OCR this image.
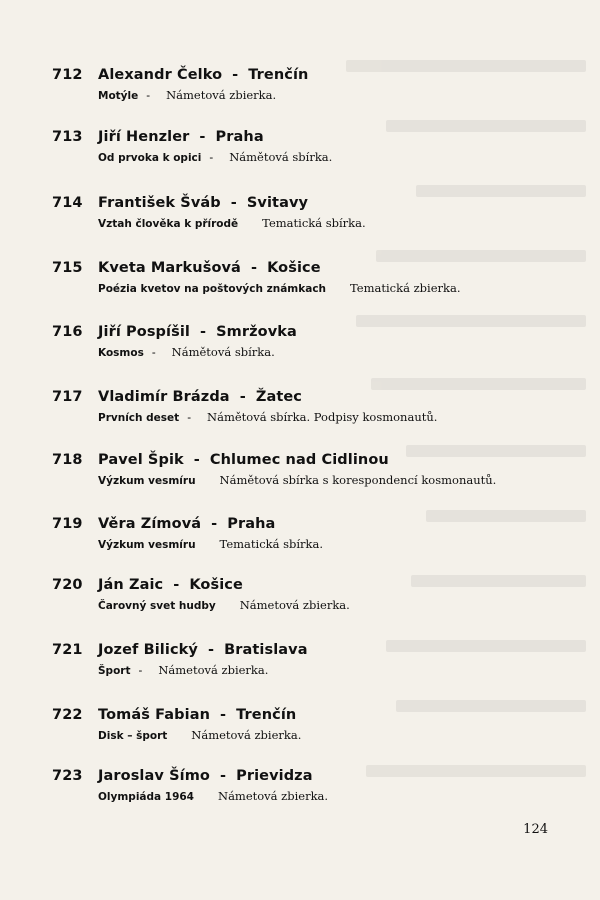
712 Alexandr Čelko - Trenčín
Motýle - Námetová zbierka.
713 Jiří Henzler - Praha
Od prvoka k opici - Námětová sbírka.
714 František Šváb - Svitavy
Vztah člověka k přírodě Tematická sbírka.
715 Kveta Markušová - Košice
Poézia kvetov na poštových známkach Tematická zbierka.
716 Jiří Pospíšil - Smržovka
Kosmos - Námětová sbírka.
717 Vladimír Brázda - Žatec
Prvních deset - Námětová sbírka. Podpisy kosmonautů.
718 Pavel Špik - Chlumec nad Cidlinou
Výzkum vesmíru Námětová sbírka s korespondencí kosmonautů.
719 Věra Zímová - Praha
Výzkum vesmíru Tematická sbírka.
720 Ján Zaic - Košice
Čarovný svet hudby Námetová zbierka.
721 Jozef Bilický - Bratislava
Šport - Námetová zbierka.
722 Tomáš Fabian - Trenčín
Disk – šport Námetová zbierka.
723 Jaroslav Šímo - Prievidza
Olympiáda 1964 Námetová zbierka.
124
